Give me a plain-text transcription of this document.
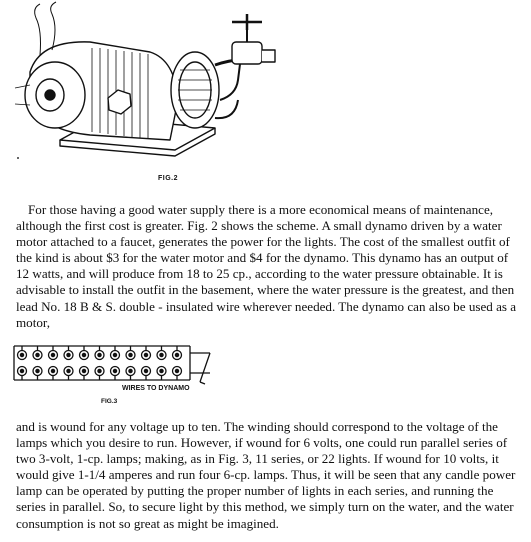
FIG.2

For those having a good water supply there is a more economical means of maintenance, although the first cost is greater. Fig. 2 shows the scheme. A small dynamo driven by a water motor attached to a faucet, generates the power for the lights. The cost of the smallest outfit of the kind is about $3 for the water motor and $4 for the dynamo. This dynamo has an output of 12 watts, and will produce from 18 to 25 cp., according to the water pressure obtainable. It is advisable to install the outfit in the basement, where the water pressure is the greatest, and then lead No. 18 B & S. double - insulated wire wherever needed. The dynamo can also be used as a motor,

WIRES TO DYNAMO
FIG.3

and is wound for any voltage up to ten. The winding should correspond to the voltage of the lamps which you desire to run. However, if wound for 6 volts, one could run parallel series of two 3-volt, 1-cp. lamps; making, as in Fig. 3, 11 series, or 22 lights. If wound for 10 volts, it would give 1-1/4 amperes and run four 6-cp. lamps. Thus, it will be seen that any candle power lamp can be operated by putting the proper number of lights in each series, and running the series in parallel. So, to secure light by this method, we simply turn on the water, and the water consumption is not so great as might be imagined.
